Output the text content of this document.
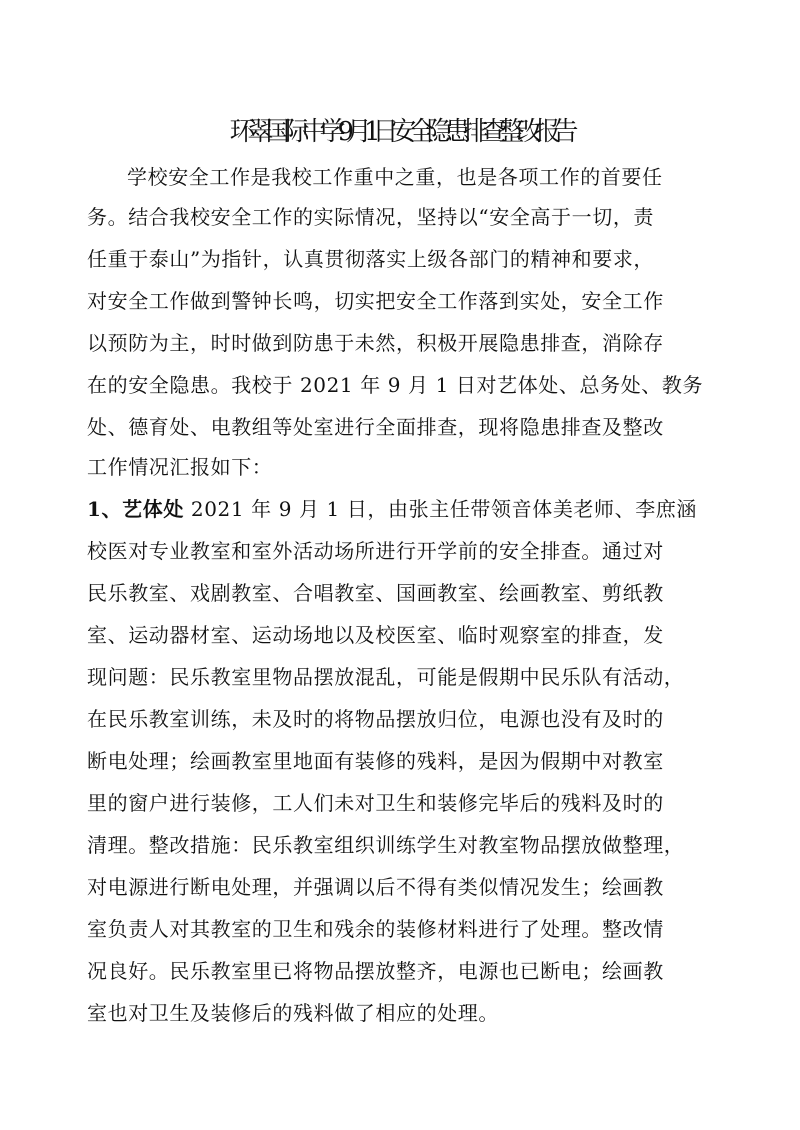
环翠国际中学9月1日安全隐患排查整改报告
学校安全工作是我校工作重中之重，也是各项工作的首要任
务。结合我校安全工作的实际情况，坚持以“安全高于一切，责
任重于泰山”为指针，认真贯彻落实上级各部门的精神和要求，
对安全工作做到警钟长鸣，切实把安全工作落到实处，安全工作
以预防为主，时时做到防患于未然，积极开展隐患排查，消除存
在的安全隐患。我校于 2021 年 9 月 1 日对艺体处、总务处、教务
处、德育处、电教组等处室进行全面排查，现将隐患排查及整改
工作情况汇报如下：
1、艺体处 2021 年 9 月 1 日，由张主任带领音体美老师、李庶涵
校医对专业教室和室外活动场所进行开学前的安全排查。通过对
民乐教室、戏剧教室、合唱教室、国画教室、绘画教室、剪纸教
室、运动器材室、运动场地以及校医室、临时观察室的排查，发
现问题：民乐教室里物品摆放混乱，可能是假期中民乐队有活动，
在民乐教室训练，未及时的将物品摆放归位，电源也没有及时的
断电处理；绘画教室里地面有装修的残料，是因为假期中对教室
里的窗户进行装修，工人们未对卫生和装修完毕后的残料及时的
清理。整改措施：民乐教室组织训练学生对教室物品摆放做整理，
对电源进行断电处理，并强调以后不得有类似情况发生；绘画教
室负责人对其教室的卫生和残余的装修材料进行了处理。整改情
况良好。民乐教室里已将物品摆放整齐，电源也已断电；绘画教
室也对卫生及装修后的残料做了相应的处理。
